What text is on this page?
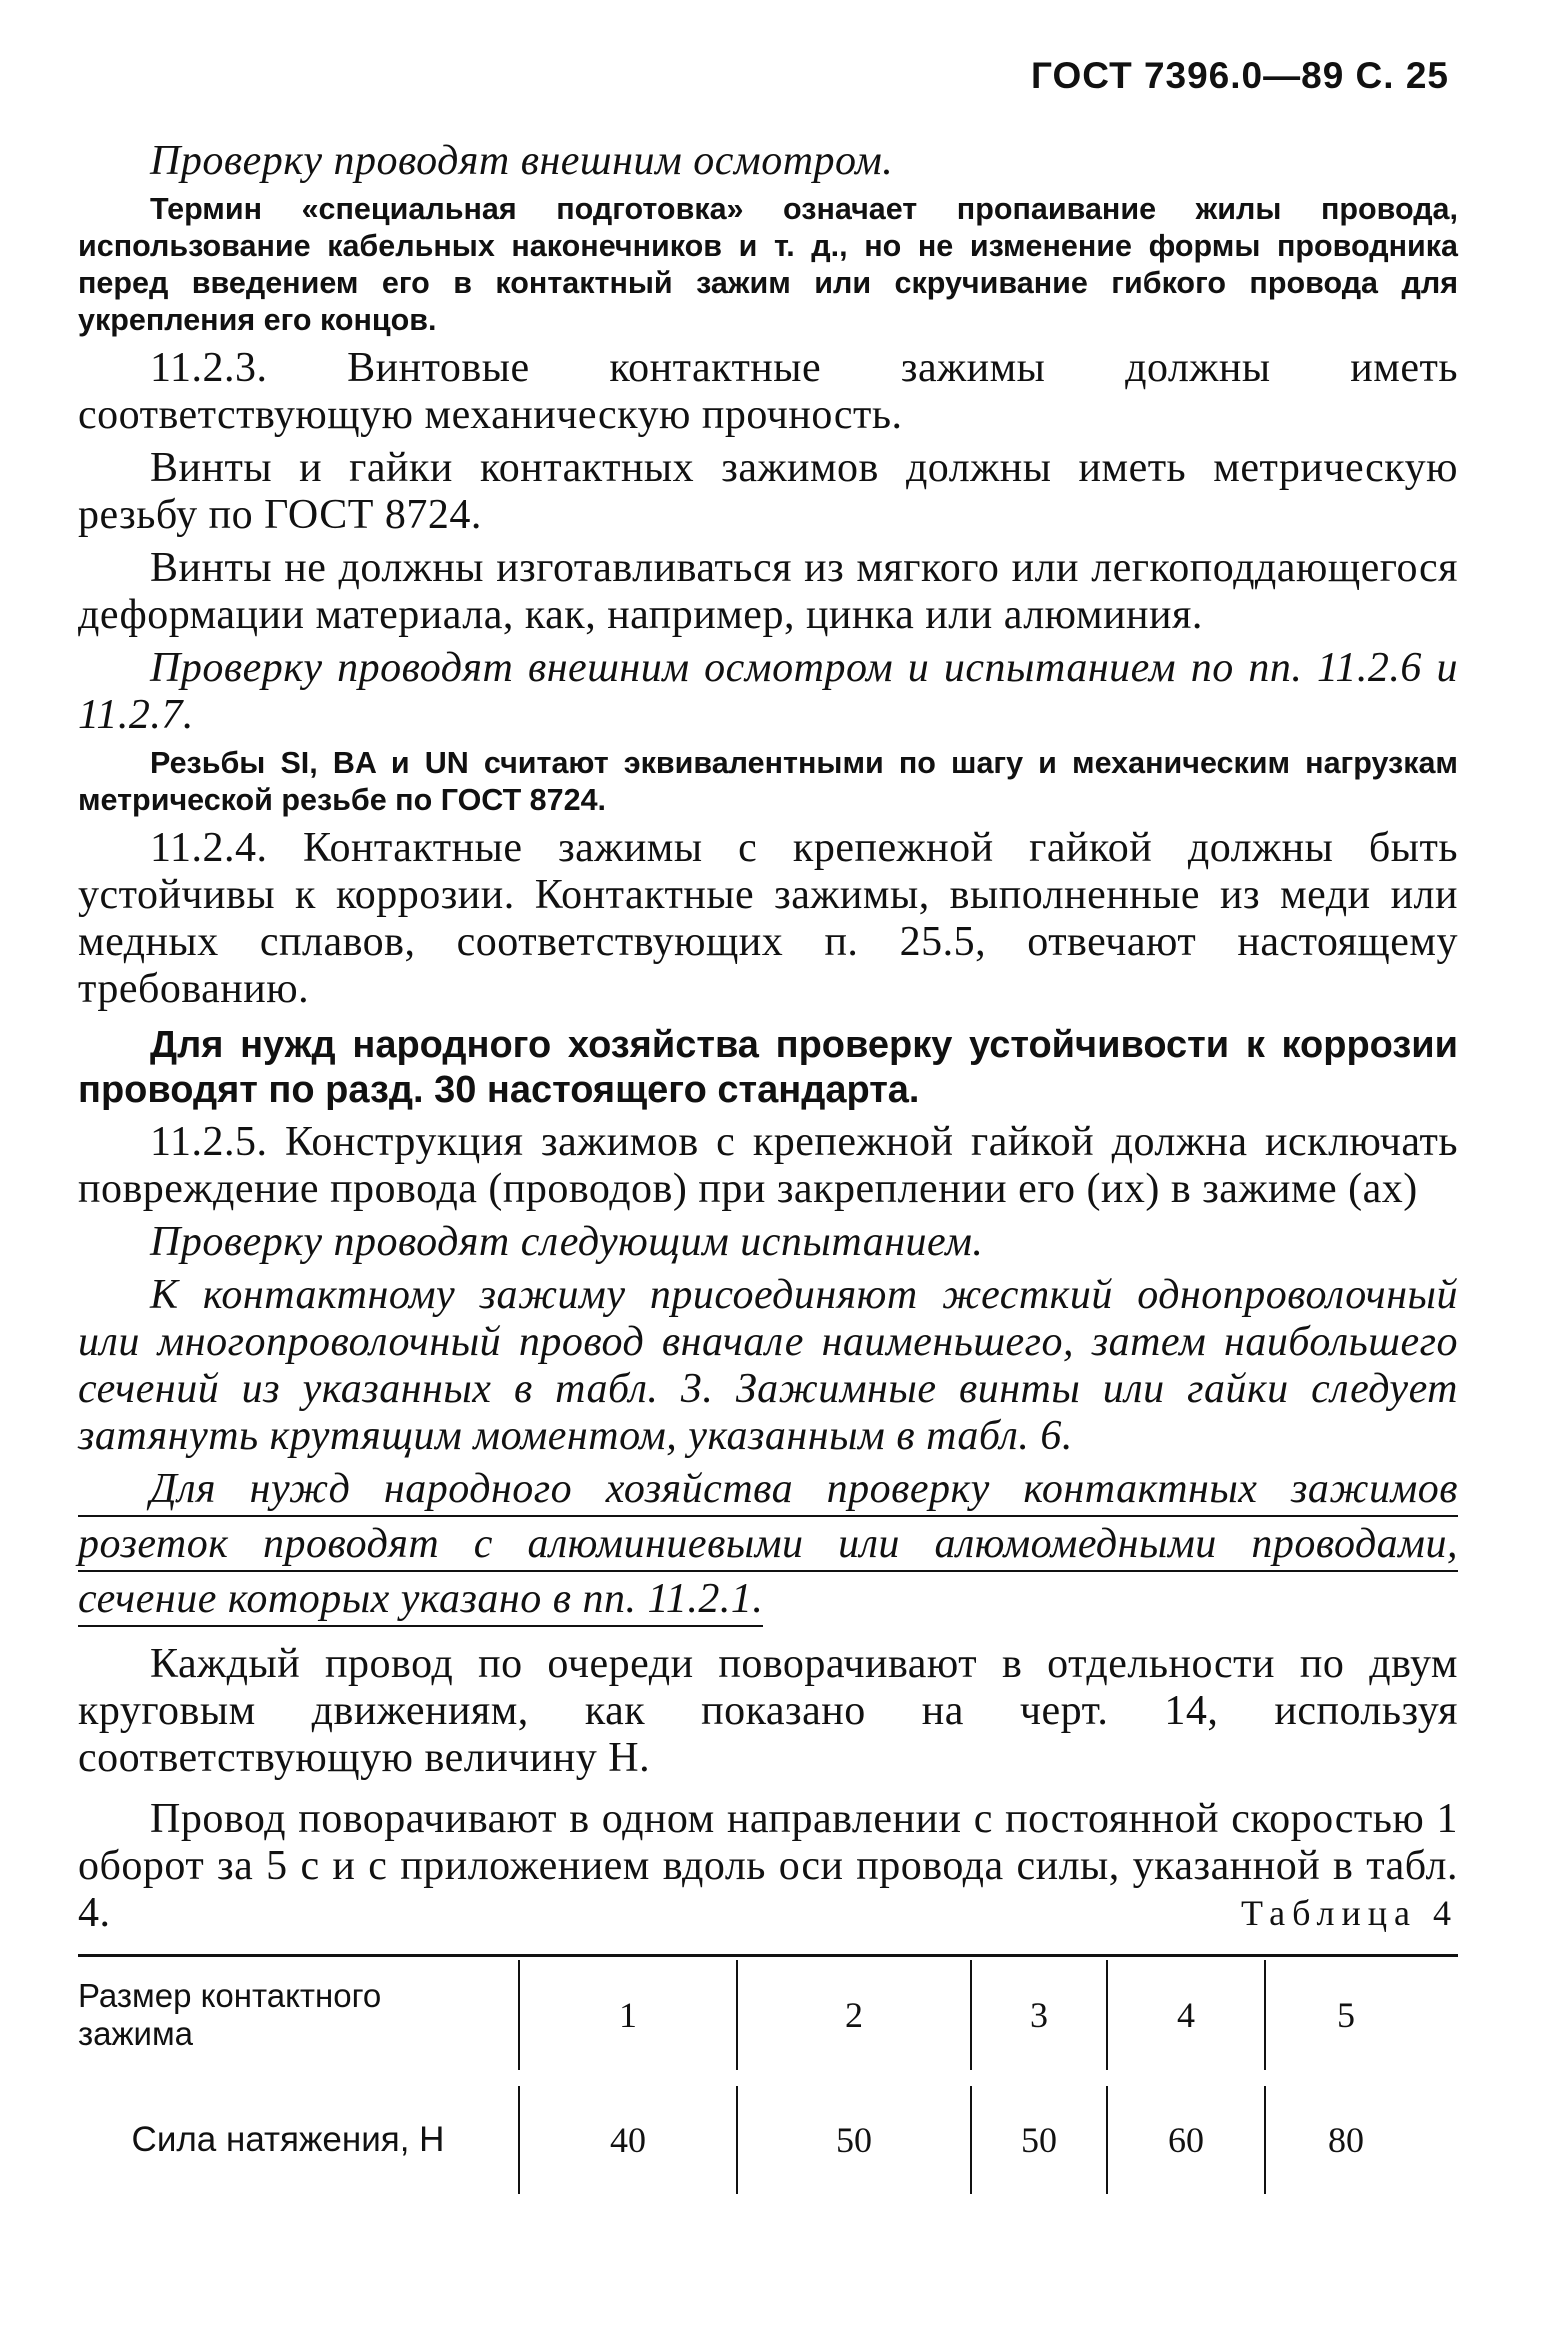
ГОСТ 7396.0—89 С. 25

Проверку проводят внешним осмотром.

Термин «специальная подготовка» означает пропаивание жилы провода, использование кабельных наконечников и т. д., но не изменение формы проводника перед введением его в контактный зажим или скручивание гибкого провода для укрепления его концов.

11.2.3. Винтовые контактные зажимы должны иметь соответствующую механическую прочность.

Винты и гайки контактных зажимов должны иметь метрическую резьбу по ГОСТ 8724.

Винты не должны изготавливаться из мягкого или легкоподдающегося деформации материала, как, например, цинка или алюминия.

Проверку проводят внешним осмотром и испытанием по пп. 11.2.6 и 11.2.7.

Резьбы SI, BA и UN считают эквивалентными по шагу и механическим нагрузкам метрической резьбе по ГОСТ 8724.

11.2.4. Контактные зажимы с крепежной гайкой должны быть устойчивы к коррозии. Контактные зажимы, выполненные из меди или медных сплавов, соответствующих п. 25.5, отвечают настоящему требованию.

Для нужд народного хозяйства проверку устойчивости к коррозии проводят по разд. 30 настоящего стандарта.

11.2.5. Конструкция зажимов с крепежной гайкой должна исключать повреждение провода (проводов) при закреплении его (их) в зажиме (ах)

Проверку проводят следующим испытанием.

К контактному зажиму присоединяют жесткий однопроволочный или многопроволочный провод вначале наименьшего, затем наибольшего сечений из указанных в табл. 3. Зажимные винты или гайки следует затянуть крутящим моментом, указанным в табл. 6.

Для нужд народного хозяйства проверку контактных зажимов
розеток проводят с алюминиевыми или алюмомедными проводами,
сечение которых указано в пп. 11.2.1.

Каждый провод по очереди поворачивают в отдельности по двум круговым движениям, как показано на черт. 14, используя соответствующую величину Н.

Провод поворачивают в одном направлении с постоянной скоростью 1 оборот за 5 с и с приложением вдоль оси провода силы, указанной в табл. 4.	Таблица 4
Размер контактного зажима	1	2	3	4	5
Сила натяжения, Н	40	50	50	60	80
